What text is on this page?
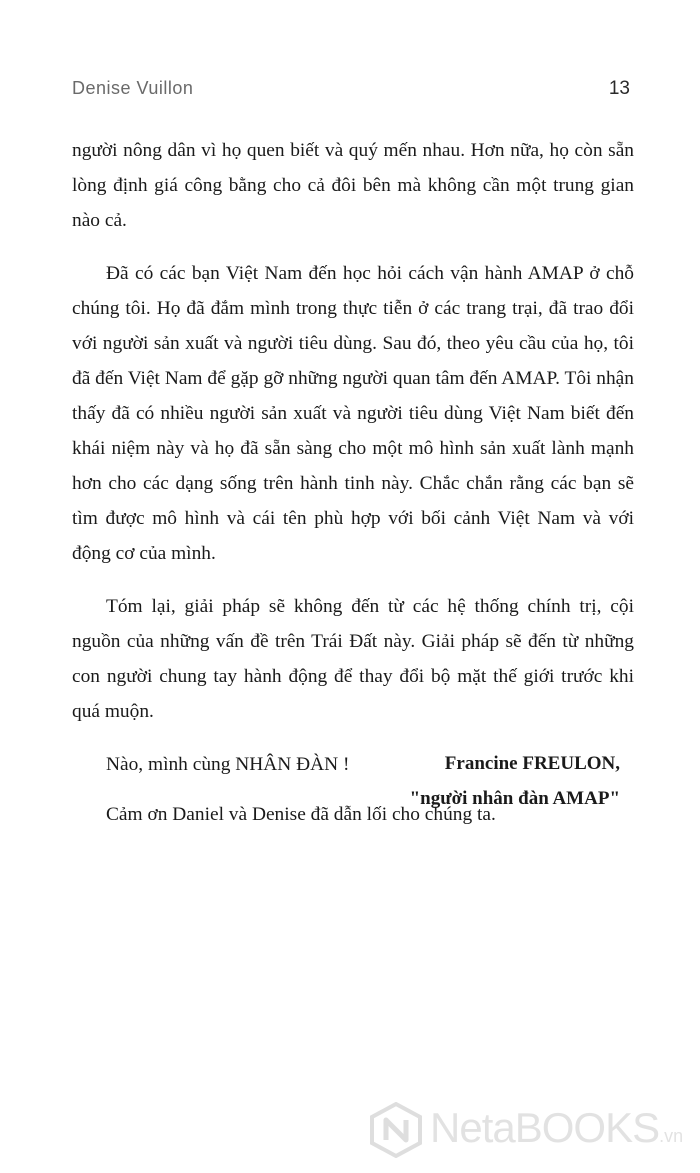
Denise Vuillon	13

người nông dân vì họ quen biết và quý mến nhau. Hơn nữa, họ còn sẵn lòng định giá công bằng cho cả đôi bên mà không cần một trung gian nào cả.

Đã có các bạn Việt Nam đến học hỏi cách vận hành AMAP ở chỗ chúng tôi. Họ đã đắm mình trong thực tiễn ở các trang trại, đã trao đổi với người sản xuất và người tiêu dùng. Sau đó, theo yêu cầu của họ, tôi đã đến Việt Nam để gặp gỡ những người quan tâm đến AMAP. Tôi nhận thấy đã có nhiều người sản xuất và người tiêu dùng Việt Nam biết đến khái niệm này và họ đã sẵn sàng cho một mô hình sản xuất lành mạnh hơn cho các dạng sống trên hành tinh này. Chắc chắn rằng các bạn sẽ tìm được mô hình và cái tên phù hợp với bối cảnh Việt Nam và với động cơ của mình.

Tóm lại, giải pháp sẽ không đến từ các hệ thống chính trị, cội nguồn của những vấn đề trên Trái Đất này. Giải pháp sẽ đến từ những con người chung tay hành động để thay đổi bộ mặt thế giới trước khi quá muộn.

Nào, mình cùng NHÂN ĐÀN !

Cảm ơn Daniel và Denise đã dẫn lối cho chúng ta.

Francine FREULON,
"người nhân đàn AMAP"
NetaBOOKS.vn
